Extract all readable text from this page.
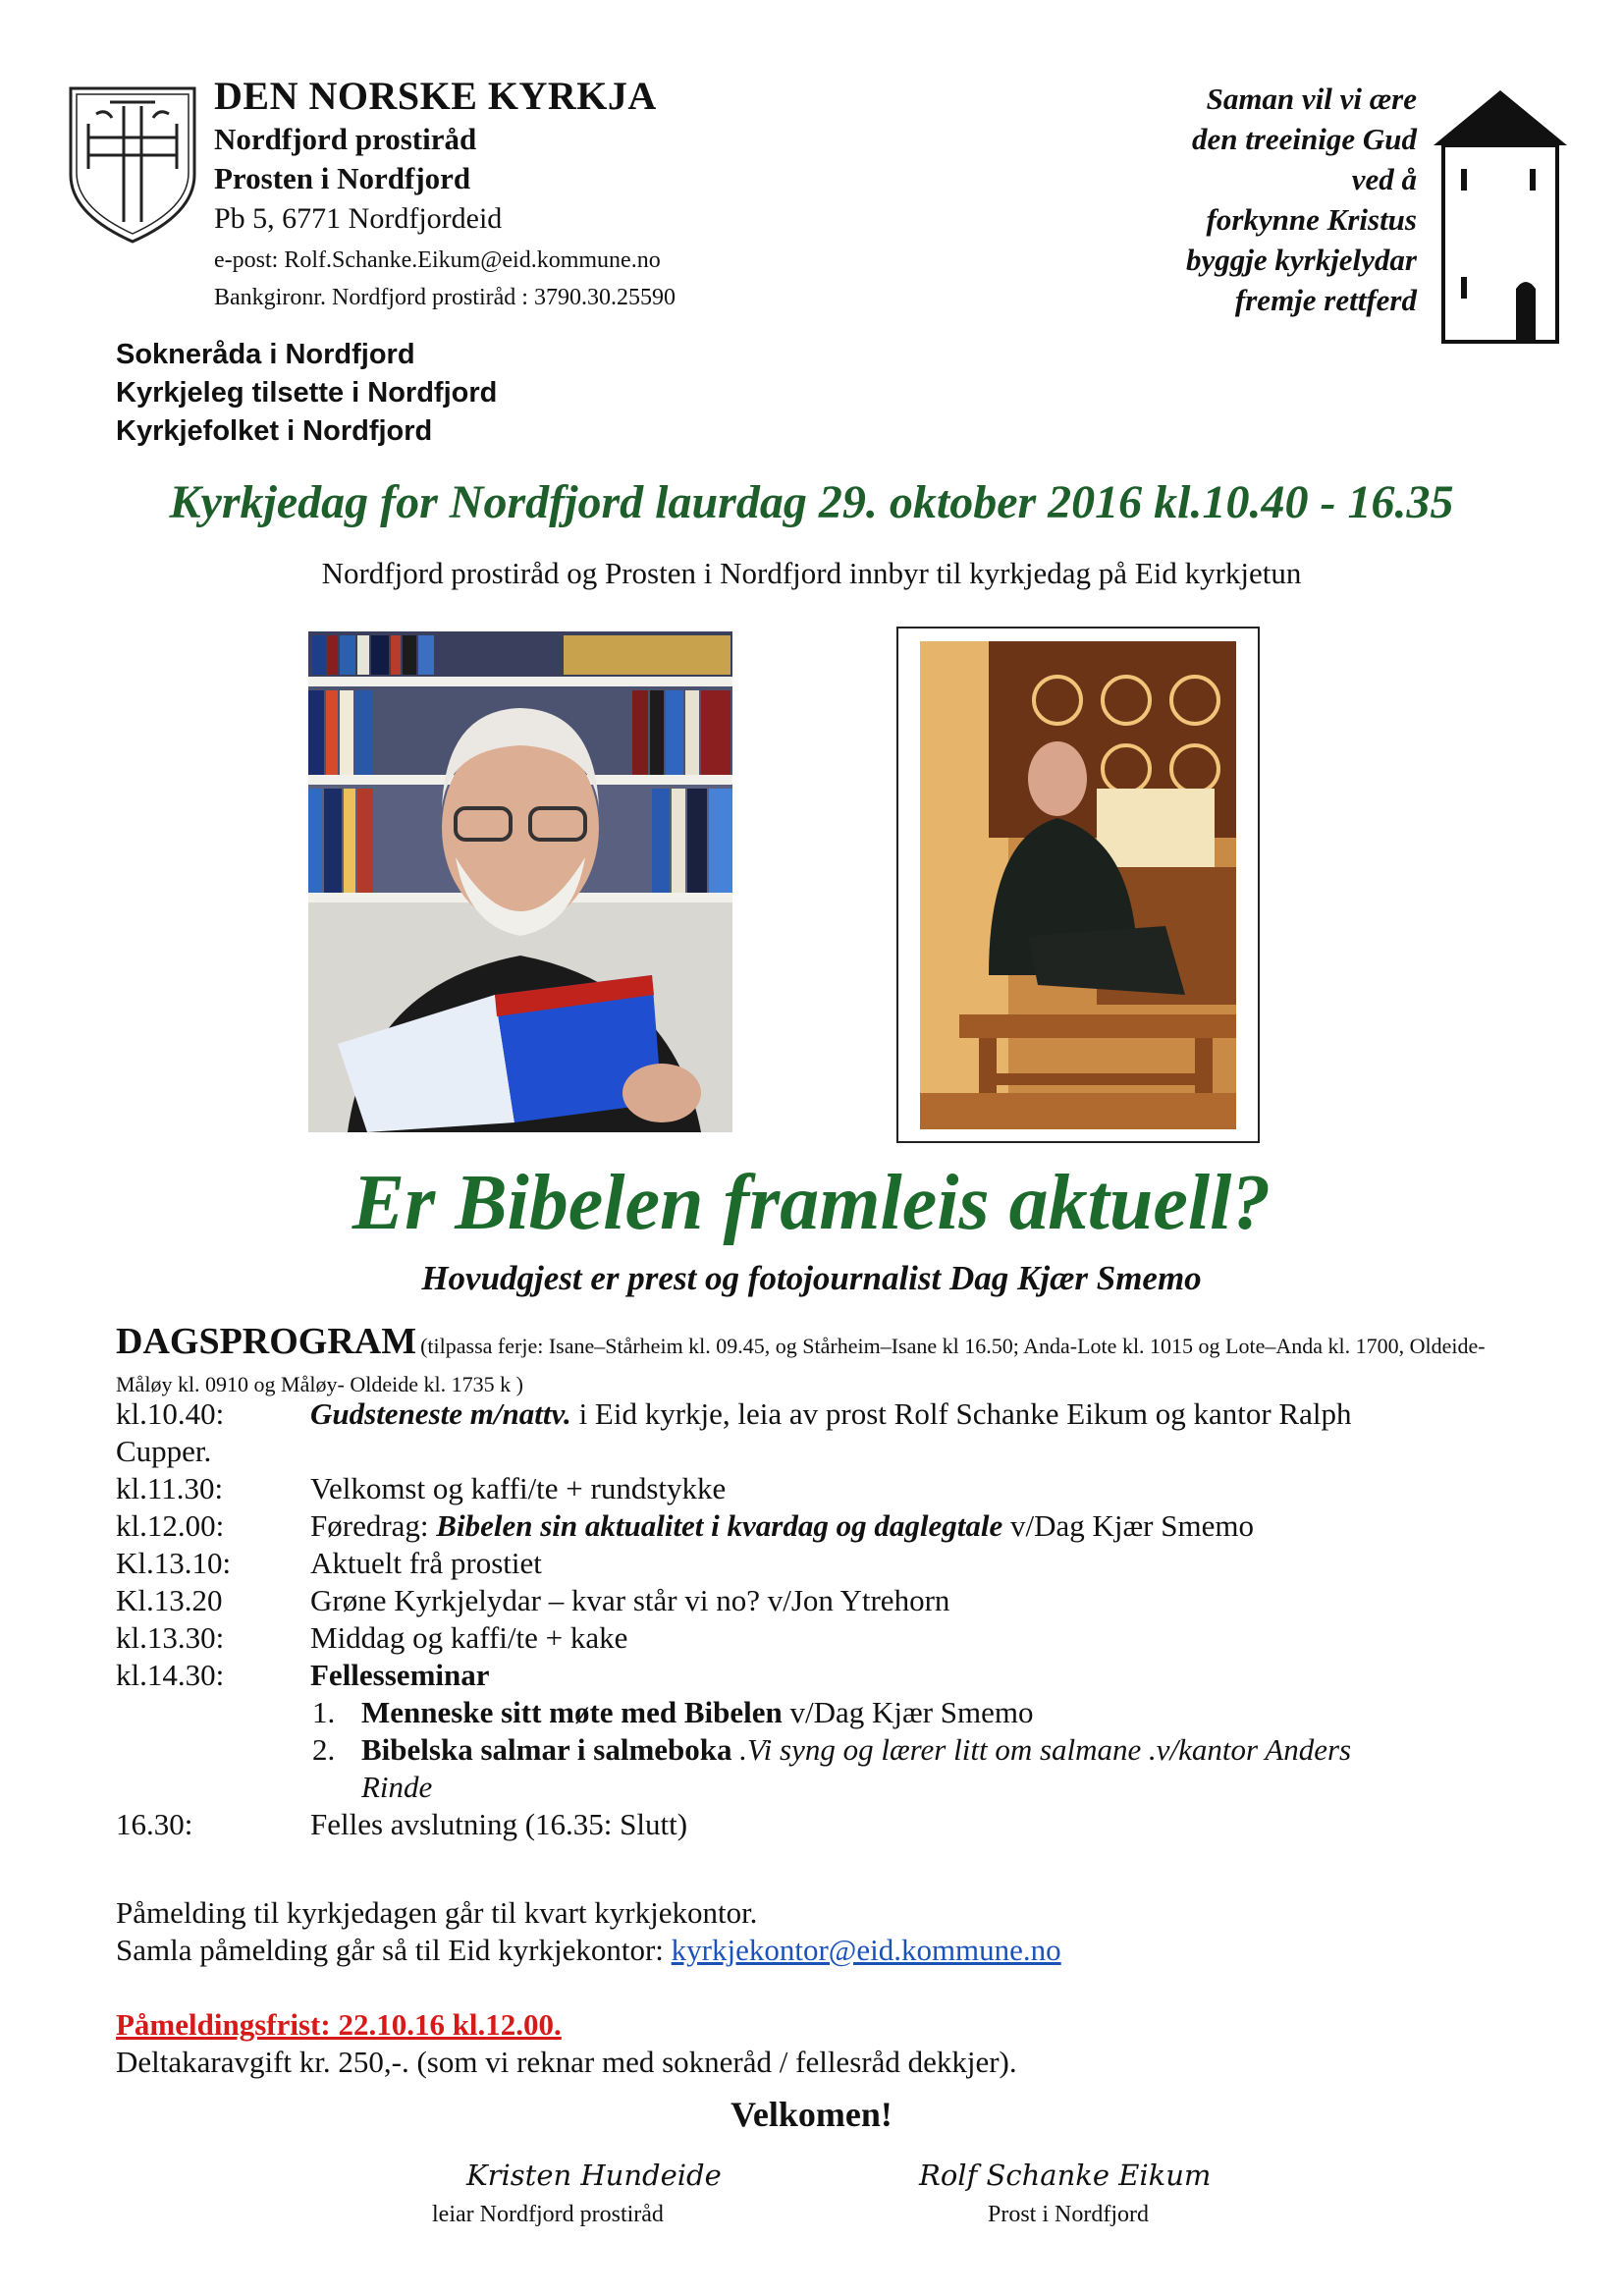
DEN NORSKE KYRKJA
Nordfjord prostiråd
Prosten i Nordfjord
Pb 5, 6771 Nordfjordeid
e-post: Rolf.Schanke.Eikum@eid.kommune.no
Bankgironr. Nordfjord prostiråd : 3790.30.25590
Saman vil vi ære
den treeinige Gud
ved å
forkynne Kristus
byggje kyrkjelydar
fremje rettferd
Sokneråda i Nordfjord
Kyrkjeleg tilsette i Nordfjord
Kyrkjefolket i Nordfjord
Kyrkjedag for Nordfjord laurdag 29. oktober 2016 kl.10.40 - 16.35
Nordfjord prostiråd og Prosten i Nordfjord innbyr til kyrkjedag på Eid kyrkjetun
Er Bibelen framleis aktuell?
Hovudgjest er prest og fotojournalist Dag Kjær Smemo
DAGSPROGRAM (tilpassa ferje: Isane–Stårheim kl. 09.45, og Stårheim–Isane kl 16.50; Anda-Lote kl. 1015 og Lote–Anda kl. 1700, Oldeide- Måløy kl. 0910 og Måløy- Oldeide kl. 1735 k )
kl.10.40:	Gudsteneste m/nattv. i Eid kyrkje, leia av prost Rolf Schanke Eikum og kantor Ralph
Cupper.
kl.11.30:	Velkomst og kaffi/te + rundstykke
kl.12.00:	Føredrag: Bibelen sin aktualitet i kvardag og daglegtale v/Dag Kjær Smemo
Kl.13.10:	Aktuelt frå prostiet
Kl.13.20	Grøne Kyrkjelydar – kvar står vi no? v/Jon Ytrehorn
kl.13.30:	Middag og kaffi/te + kake
kl.14.30:	Fellesseminar
1. Menneske sitt møte med Bibelen v/Dag Kjær Smemo
2. Bibelska salmar i salmeboka .Vi syng og lærer litt om salmane .v/kantor Anders
Rinde
16.30:	Felles avslutning (16.35: Slutt)
Påmelding til kyrkjedagen går til kvart kyrkjekontor.
Samla påmelding går så til Eid kyrkjekontor: kyrkjekontor@eid.kommune.no
Påmeldingsfrist: 22.10.16 kl.12.00.
Deltakaravgift kr. 250,-. (som vi reknar med sokneråd / fellesråd dekkjer).
Velkomen!
Kristen Hundeide
leiar Nordfjord prostiråd
Rolf Schanke Eikum
Prost i Nordfjord
